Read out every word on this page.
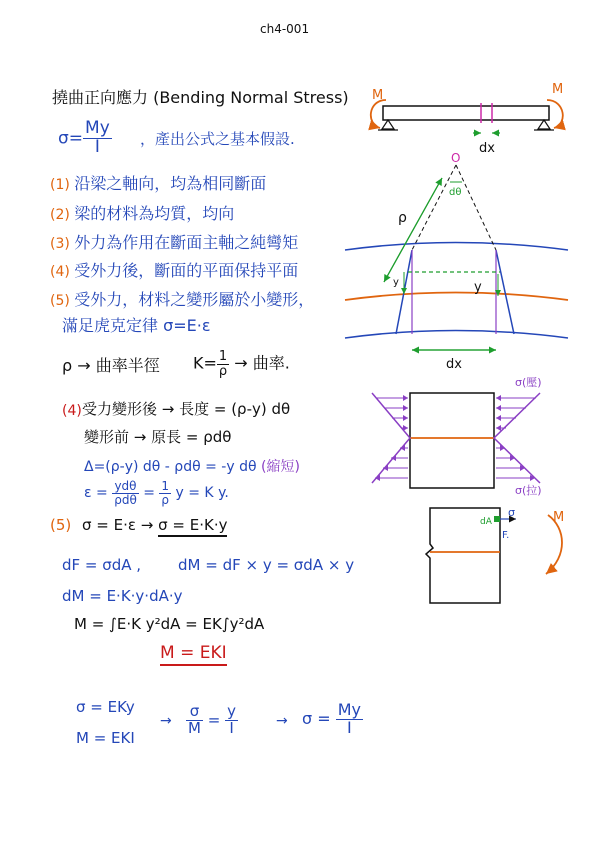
ch4-001
撓曲正向應力 (Bending Normal Stress)
$\sigma= \frac{My}{I}$ ，產出公式之基本假設.
(1) 沿梁之軸向，均為相同斷面
(2) 梁的材料為均質，均向
(3) 外力為作用在斷面主軸之純彎矩
(4) 受外力後，斷面的平面保持平面
(5) 受外力，材料之變形屬於小變形，
滿足虎克定律 σ=E·ε
ρ → 曲率半徑 $K= \frac{1}{\rho}$ → 曲率.
(4) 受力變形後 → 長度 = (ρ-y) dθ
變形前 → 原長 = ρdθ
Δ=(ρ-y) dθ - ρdθ = -y dθ (縮短)
$\varepsilon = \frac{\text{ydθ}}{\text{ρdθ}} = \frac{1}{\rho}$ y = K y.
(5) σ = E·ε → σ = E·K·y
dF = σdA , dM = dF × y = σdA × y
dM = E·K·y·dA·y
M = ∫E·K y²dA = EK∫y²dA
M = EKI
σ = EKy
M = EKI
→ $\frac{\sigma}{M} = \frac{y}{I}$	→ $\sigma = \frac{My}{I}$
M	M
dx
O
dθ
ρ
y	y
dx
σ(壓)
σ(拉)
dA
σ
F.
M
